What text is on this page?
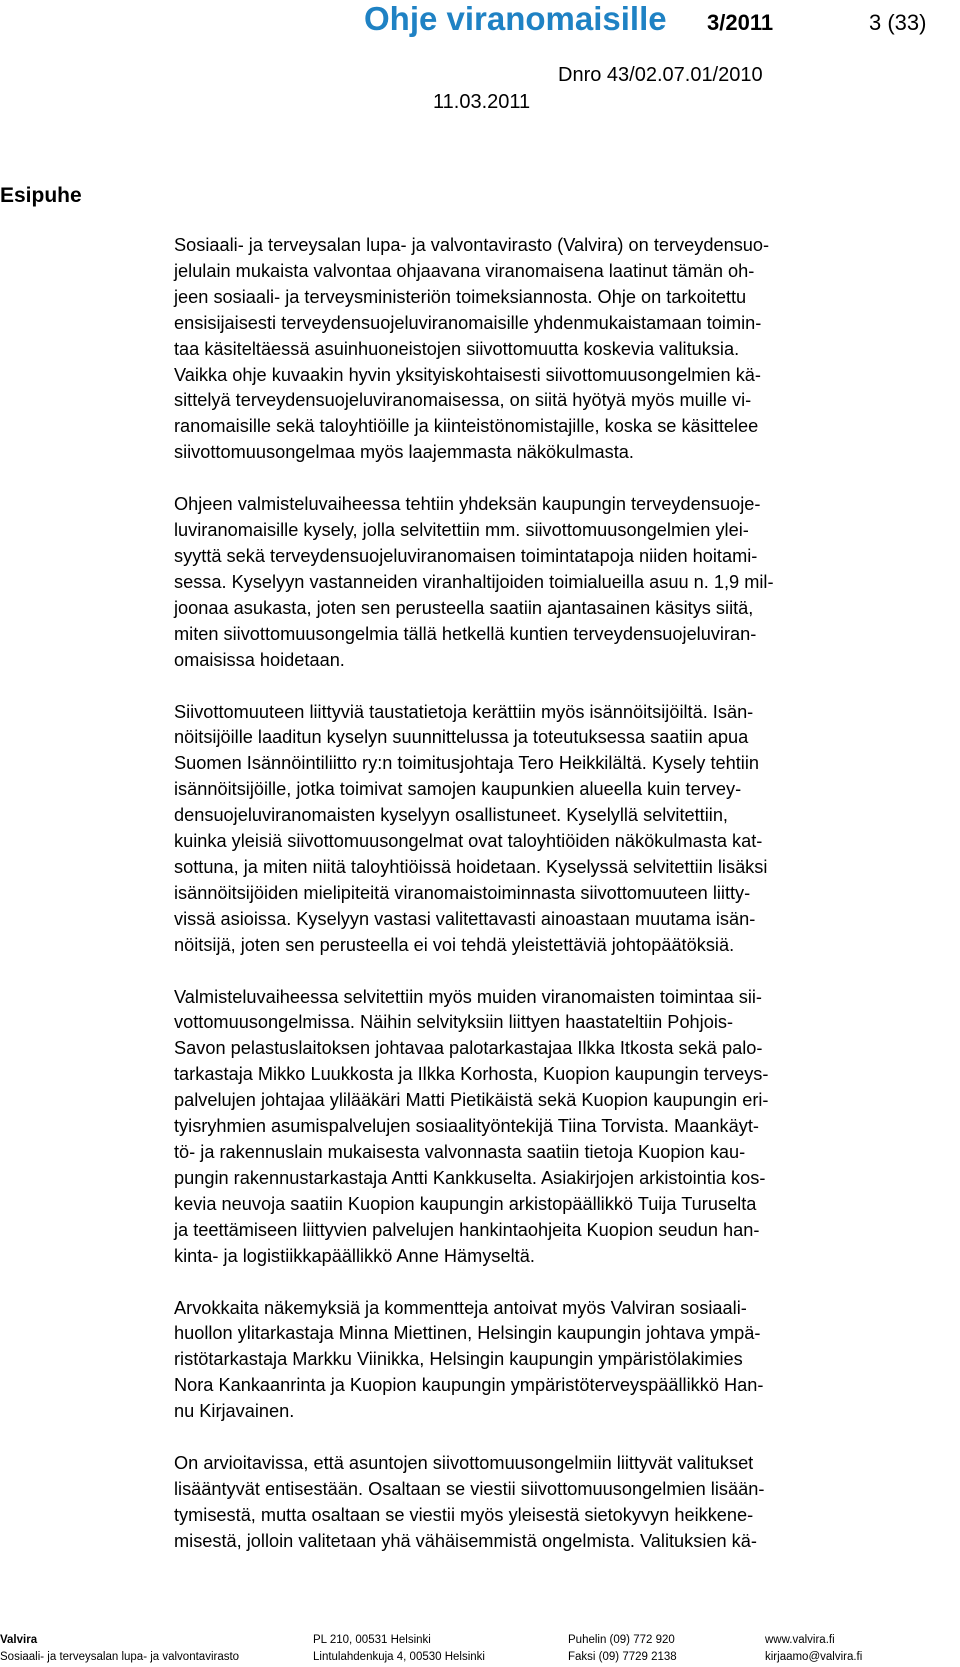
Ohje viranomaisille 3/2011	3 (33)
Dnro 43/02.07.01/2010
11.03.2011
Esipuhe

Sosiaali- ja terveysalan lupa- ja valvontavirasto (Valvira) on terveydensuo-
jelulain mukaista valvontaa ohjaavana viranomaisena laatinut tämän oh-
jeen sosiaali- ja terveysministeriön toimeksiannosta. Ohje on tarkoitettu
ensisijaisesti terveydensuojeluviranomaisille yhdenmukaistamaan toimin-
taa käsiteltäessä asuinhuoneistojen siivottomuutta koskevia valituksia.
Vaikka ohje kuvaakin hyvin yksityiskohtaisesti siivottomuusongelmien kä-
sittelyä terveydensuojeluviranomaisessa, on siitä hyötyä myös muille vi-
ranomaisille sekä taloyhtiöille ja kiinteistönomistajille, koska se käsittelee
siivottomuusongelmaa myös laajemmasta näkökulmasta.

Ohjeen valmisteluvaiheessa tehtiin yhdeksän kaupungin terveydensuoje-
luviranomaisille kysely, jolla selvitettiin mm. siivottomuusongelmien ylei-
syyttä sekä terveydensuojeluviranomaisen toimintatapoja niiden hoitami-
sessa. Kyselyyn vastanneiden viranhaltijoiden toimialueilla asuu n. 1,9 mil-
joonaa asukasta, joten sen perusteella saatiin ajantasainen käsitys siitä,
miten siivottomuusongelmia tällä hetkellä kuntien terveydensuojeluviran-
omaisissa hoidetaan.

Siivottomuuteen liittyviä taustatietoja kerättiin myös isännöitsijöiltä. Isän-
nöitsijöille laaditun kyselyn suunnittelussa ja toteutuksessa saatiin apua
Suomen Isännöintiliitto ry:n toimitusjohtaja Tero Heikkilältä. Kysely tehtiin
isännöitsijöille, jotka toimivat samojen kaupunkien alueella kuin tervey-
densuojeluviranomaisten kyselyyn osallistuneet. Kyselyllä selvitettiin,
kuinka yleisiä siivottomuusongelmat ovat taloyhtiöiden näkökulmasta kat-
sottuna, ja miten niitä taloyhtiöissä hoidetaan. Kyselyssä selvitettiin lisäksi
isännöitsijöiden mielipiteitä viranomaistoiminnasta siivottomuuteen liitty-
vissä asioissa. Kyselyyn vastasi valitettavasti ainoastaan muutama isän-
nöitsijä, joten sen perusteella ei voi tehdä yleistettäviä johtopäätöksiä.

Valmisteluvaiheessa selvitettiin myös muiden viranomaisten toimintaa sii-
vottomuusongelmissa. Näihin selvityksiin liittyen haastateltiin Pohjois-
Savon pelastuslaitoksen johtavaa palotarkastajaa Ilkka Itkosta sekä palo-
tarkastaja Mikko Luukkosta ja Ilkka Korhosta, Kuopion kaupungin terveys-
palvelujen johtajaa ylilääkäri Matti Pietikäistä sekä Kuopion kaupungin eri-
tyisryhmien asumispalvelujen sosiaalityöntekijä Tiina Torvista. Maankäyt-
tö- ja rakennuslain mukaisesta valvonnasta saatiin tietoja Kuopion kau-
pungin rakennustarkastaja Antti Kankkuselta. Asiakirjojen arkistointia kos-
kevia neuvoja saatiin Kuopion kaupungin arkistopäällikkö Tuija Turuselta
ja teettämiseen liittyvien palvelujen hankintaohjeita Kuopion seudun han-
kinta- ja logistiikkapäällikkö Anne Hämyseltä.

Arvokkaita näkemyksiä ja kommentteja antoivat myös Valviran sosiaali-
huollon ylitarkastaja Minna Miettinen, Helsingin kaupungin johtava ympä-
ristötarkastaja Markku Viinikka, Helsingin kaupungin ympäristölakimies
Nora Kankaanrinta ja Kuopion kaupungin ympäristöterveyspäällikkö Han-
nu Kirjavainen.

On arvioitavissa, että asuntojen siivottomuusongelmiin liittyvät valitukset
lisääntyvät entisestään. Osaltaan se viestii siivottomuusongelmien lisään-
tymisestä, mutta osaltaan se viestii myös yleisestä sietokyvyn heikkene-
misestä, jolloin valitetaan yhä vähäisemmistä ongelmista. Valituksien kä-

Valvira
Sosiaali- ja terveysalan lupa- ja valvontavirasto
PL 210, 00531 Helsinki
Lintulahdenkuja 4, 00530 Helsinki
Puhelin (09) 772 920
Faksi (09) 7729 2138
www.valvira.fi
kirjaamo@valvira.fi
